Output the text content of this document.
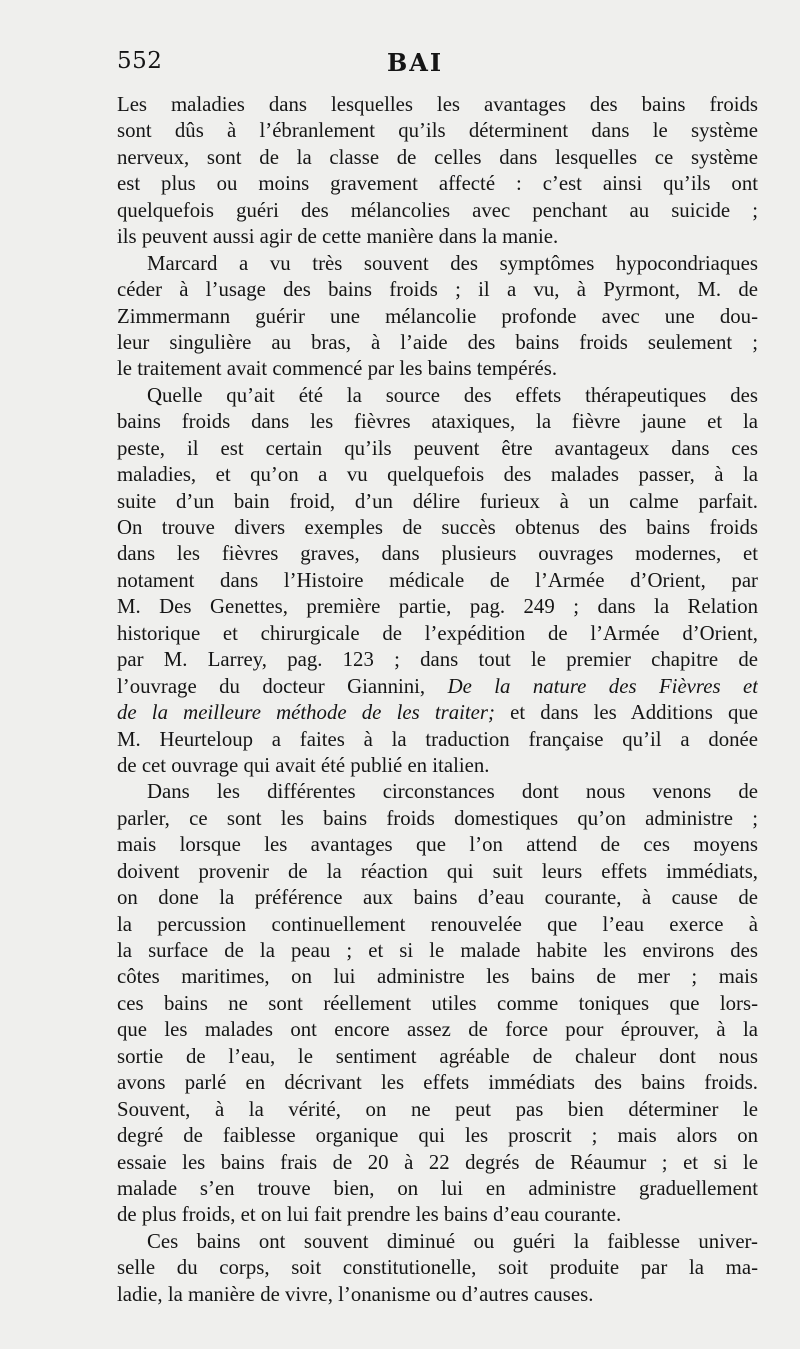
552	BAI
Les maladies dans lesquelles les avantages des bains froids
sont dûs à l’ébranlement qu’ils déterminent dans le système
nerveux, sont de la classe de celles dans lesquelles ce système
est plus ou moins gravement affecté : c’est ainsi qu’ils ont
quelquefois guéri des mélancolies avec penchant au suicide ;
ils peuvent aussi agir de cette manière dans la manie.
Marcard a vu très souvent des symptômes hypocondriaques
céder à l’usage des bains froids ; il a vu, à Pyrmont, M. de
Zimmermann guérir une mélancolie profonde avec une dou-
leur singulière au bras, à l’aide des bains froids seulement ;
le traitement avait commencé par les bains tempérés.
Quelle qu’ait été la source des effets thérapeutiques des
bains froids dans les fièvres ataxiques, la fièvre jaune et la
peste, il est certain qu’ils peuvent être avantageux dans ces
maladies, et qu’on a vu quelquefois des malades passer, à la
suite d’un bain froid, d’un délire furieux à un calme parfait.
On trouve divers exemples de succès obtenus des bains froids
dans les fièvres graves, dans plusieurs ouvrages modernes, et
notament dans l’Histoire médicale de l’Armée d’Orient, par
M. Des Genettes, première partie, pag. 249 ; dans la Relation
historique et chirurgicale de l’expédition de l’Armée d’Orient,
par M. Larrey, pag. 123 ; dans tout le premier chapitre de
l’ouvrage du docteur Giannini, De la nature des Fièvres et
de la meilleure méthode de les traiter; et dans les Additions que
M. Heurteloup a faites à la traduction française qu’il a donée
de cet ouvrage qui avait été publié en italien.
Dans les différentes circonstances dont nous venons de
parler, ce sont les bains froids domestiques qu’on administre ;
mais lorsque les avantages que l’on attend de ces moyens
doivent provenir de la réaction qui suit leurs effets immédiats,
on done la préférence aux bains d’eau courante, à cause de
la percussion continuellement renouvelée que l’eau exerce à
la surface de la peau ; et si le malade habite les environs des
côtes maritimes, on lui administre les bains de mer ; mais
ces bains ne sont réellement utiles comme toniques que lors-
que les malades ont encore assez de force pour éprouver, à la
sortie de l’eau, le sentiment agréable de chaleur dont nous
avons parlé en décrivant les effets immédiats des bains froids.
Souvent, à la vérité, on ne peut pas bien déterminer le
degré de faiblesse organique qui les proscrit ; mais alors on
essaie les bains frais de 20 à 22 degrés de Réaumur ; et si le
malade s’en trouve bien, on lui en administre graduellement
de plus froids, et on lui fait prendre les bains d’eau courante.
Ces bains ont souvent diminué ou guéri la faiblesse univer-
selle du corps, soit constitutionelle, soit produite par la ma-
ladie, la manière de vivre, l’onanisme ou d’autres causes.
